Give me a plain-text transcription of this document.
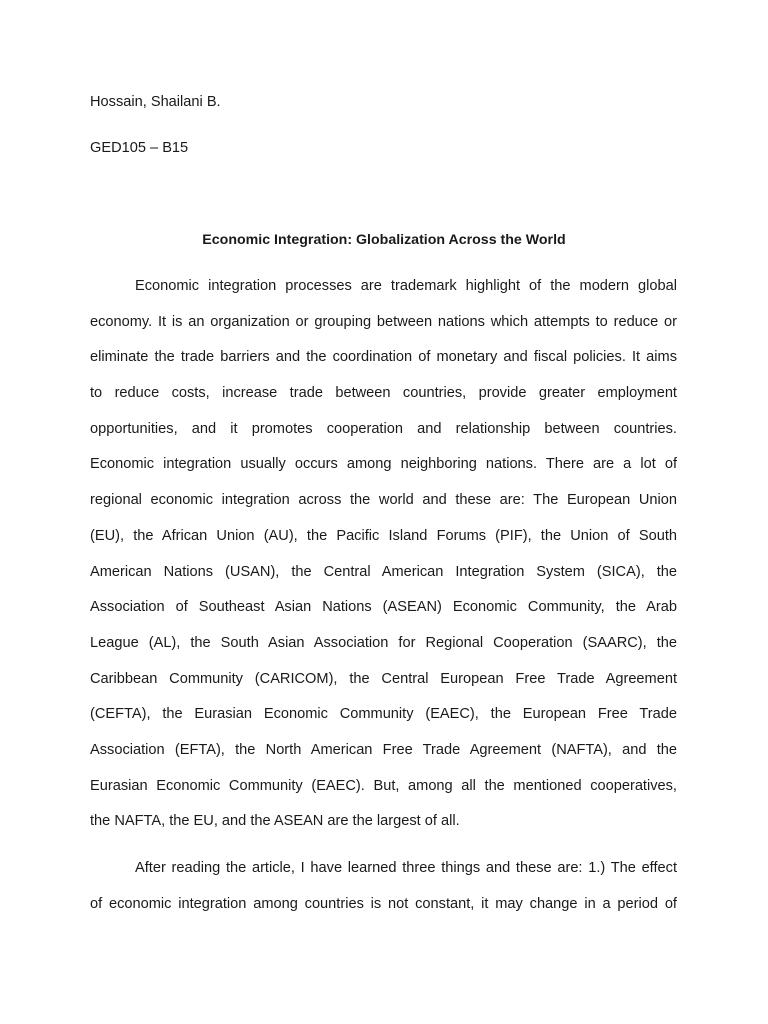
Hossain, Shailani B.

GED105 – B15

Economic Integration: Globalization Across the World
Economic integration processes are trademark highlight of the modern global
economy. It is an organization or grouping between nations which attempts to reduce or
eliminate the trade barriers and the coordination of monetary and fiscal policies. It aims
to reduce costs, increase trade between countries, provide greater employment
opportunities, and it promotes cooperation and relationship between countries.
Economic integration usually occurs among neighboring nations. There are a lot of
regional economic integration across the world and these are: The European Union
(EU), the African Union (AU), the Pacific Island Forums (PIF), the Union of South
American Nations (USAN), the Central American Integration System (SICA), the
Association of Southeast Asian Nations (ASEAN) Economic Community, the Arab
League (AL), the South Asian Association for Regional Cooperation (SAARC), the
Caribbean Community (CARICOM), the Central European Free Trade Agreement
(CEFTA), the Eurasian Economic Community (EAEC), the European Free Trade
Association (EFTA), the North American Free Trade Agreement (NAFTA), and the
Eurasian Economic Community (EAEC). But, among all the mentioned cooperatives,
the NAFTA, the EU, and the ASEAN are the largest of all.
After reading the article, I have learned three things and these are: 1.) The effect
of economic integration among countries is not constant, it may change in a period of
